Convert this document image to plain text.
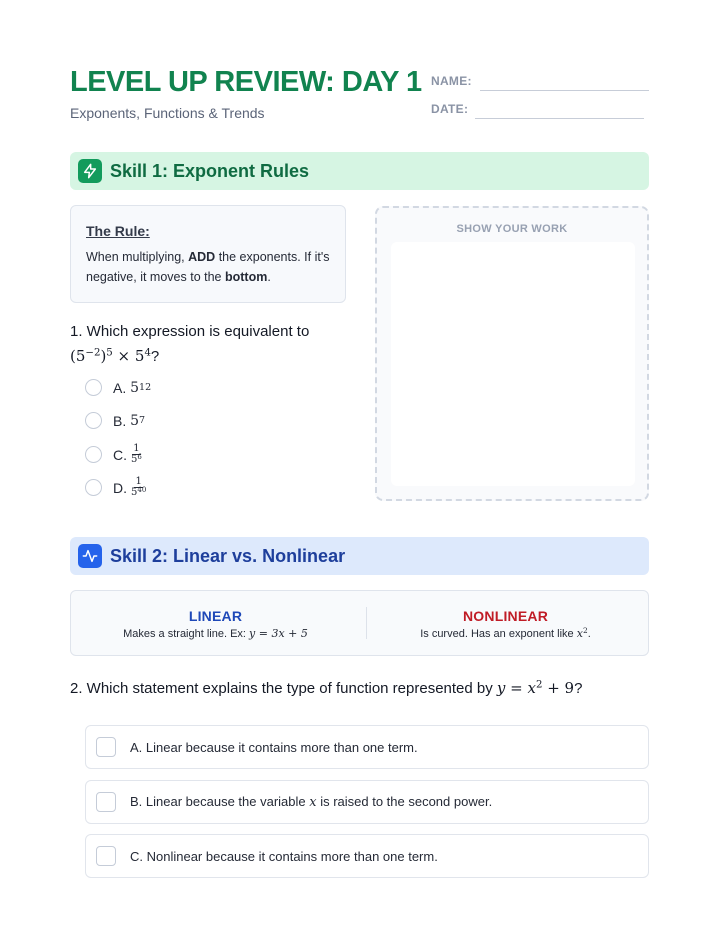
LEVEL UP REVIEW: DAY 1
Exponents, Functions & Trends
NAME:
DATE:
Skill 1: Exponent Rules
The Rule:
When multiplying, ADD the exponents. If it's negative, it moves to the bottom.
SHOW YOUR WORK
1. Which expression is equivalent to
$(5^{-2})^5 \times 5^4$?
A.
5 12
B.
5 7
C. $\frac{1}{5^6}$
D. $\frac{1}{5^{40}}$
Skill 2: Linear vs. Nonlinear
LINEAR
Makes a straight line. Ex: y = 3x + 5
NONLINEAR
Is curved. Has an exponent like $x^2$.
2. Which statement explains the type of function represented by $y = x^2 + 9$?
A. Linear because it contains more than one term.
B. Linear because the variable x is raised to the second power.
C. Nonlinear because it contains more than one term.
